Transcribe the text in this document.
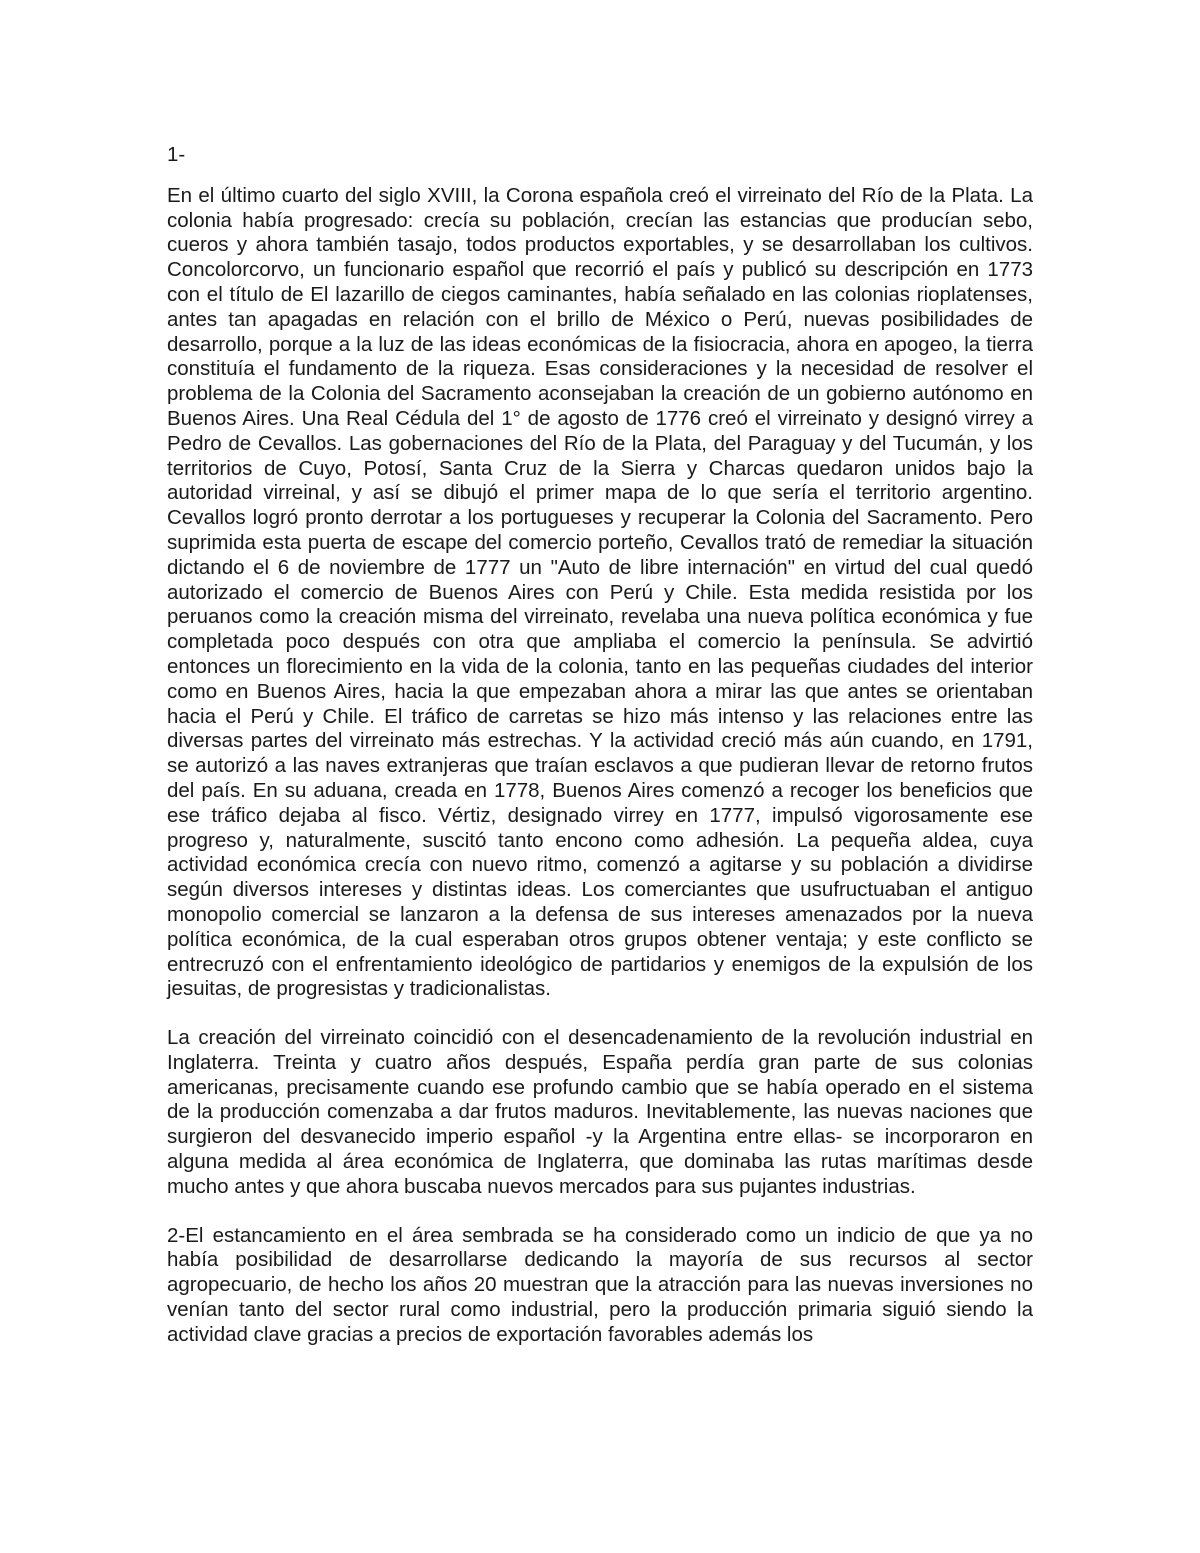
1-

En el último cuarto del siglo XVIII, la Corona española creó el virreinato del Río de la Plata. La colonia había progresado: crecía su población, crecían las estancias que producían sebo, cueros y ahora también tasajo, todos productos exportables, y se desarrollaban los cultivos. Concolorcorvo, un funcionario español que recorrió el país y publicó su descripción en 1773 con el título de El lazarillo de ciegos caminantes, había señalado en las colonias rioplatenses, antes tan apagadas en relación con el brillo de México o Perú, nuevas posibilidades de desarrollo, porque a la luz de las ideas económicas de la fisiocracia, ahora en apogeo, la tierra constituía el fundamento de la riqueza. Esas consideraciones y la necesidad de resolver el problema de la Colonia del Sacramento aconsejaban la creación de un gobierno autónomo en Buenos Aires. Una Real Cédula del 1° de agosto de 1776 creó el virreinato y designó virrey a Pedro de Cevallos. Las gobernaciones del Río de la Plata, del Paraguay y del Tucumán, y los territorios de Cuyo, Potosí, Santa Cruz de la Sierra y Charcas quedaron unidos bajo la autoridad virreinal, y así se dibujó el primer mapa de lo que sería el territorio argentino. Cevallos logró pronto derrotar a los portugueses y recuperar la Colonia del Sacramento. Pero suprimida esta puerta de escape del comercio porteño, Cevallos trató de remediar la situación dictando el 6 de noviembre de 1777 un "Auto de libre internación" en virtud del cual quedó autorizado el comercio de Buenos Aires con Perú y Chile. Esta medida resistida por los peruanos como la creación misma del virreinato, revelaba una nueva política económica y fue completada poco después con otra que ampliaba el comercio la península. Se advirtió entonces un florecimiento en la vida de la colonia, tanto en las pequeñas ciudades del interior como en Buenos Aires, hacia la que empezaban ahora a mirar las que antes se orientaban hacia el Perú y Chile. El tráfico de carretas se hizo más intenso y las relaciones entre las diversas partes del virreinato más estrechas. Y la actividad creció más aún cuando, en 1791, se autorizó a las naves extranjeras que traían esclavos a que pudieran llevar de retorno frutos del país. En su aduana, creada en 1778, Buenos Aires comenzó a recoger los beneficios que ese tráfico dejaba al fisco. Vértiz, designado virrey en 1777, impulsó vigorosamente ese progreso y, naturalmente, suscitó tanto encono como adhesión. La pequeña aldea, cuya actividad económica crecía con nuevo ritmo, comenzó a agitarse y su población a dividirse según diversos intereses y distintas ideas. Los comerciantes que usufructuaban el antiguo monopolio comercial se lanzaron a la defensa de sus intereses amenazados por la nueva política económica, de la cual esperaban otros grupos obtener ventaja; y este conflicto se entrecruzó con el enfrentamiento ideológico de partidarios y enemigos de la expulsión de los jesuitas, de progresistas y tradicionalistas.

La creación del virreinato coincidió con el desencadenamiento de la revolución industrial en Inglaterra. Treinta y cuatro años después, España perdía gran parte de sus colonias americanas, precisamente cuando ese profundo cambio que se había operado en el sistema de la producción comenzaba a dar frutos maduros. Inevitablemente, las nuevas naciones que surgieron del desvanecido imperio español -y la Argentina entre ellas- se incorporaron en alguna medida al área económica de Inglaterra, que dominaba las rutas marítimas desde mucho antes y que ahora buscaba nuevos mercados para sus pujantes industrias.

2-El estancamiento en el área sembrada se ha considerado como un indicio de que ya no había posibilidad de desarrollarse dedicando la mayoría de sus recursos al sector agropecuario, de hecho los años 20 muestran que la atracción para las nuevas inversiones no venían tanto del sector rural como industrial, pero la producción primaria siguió siendo la actividad clave gracias a precios de exportación favorables además los
